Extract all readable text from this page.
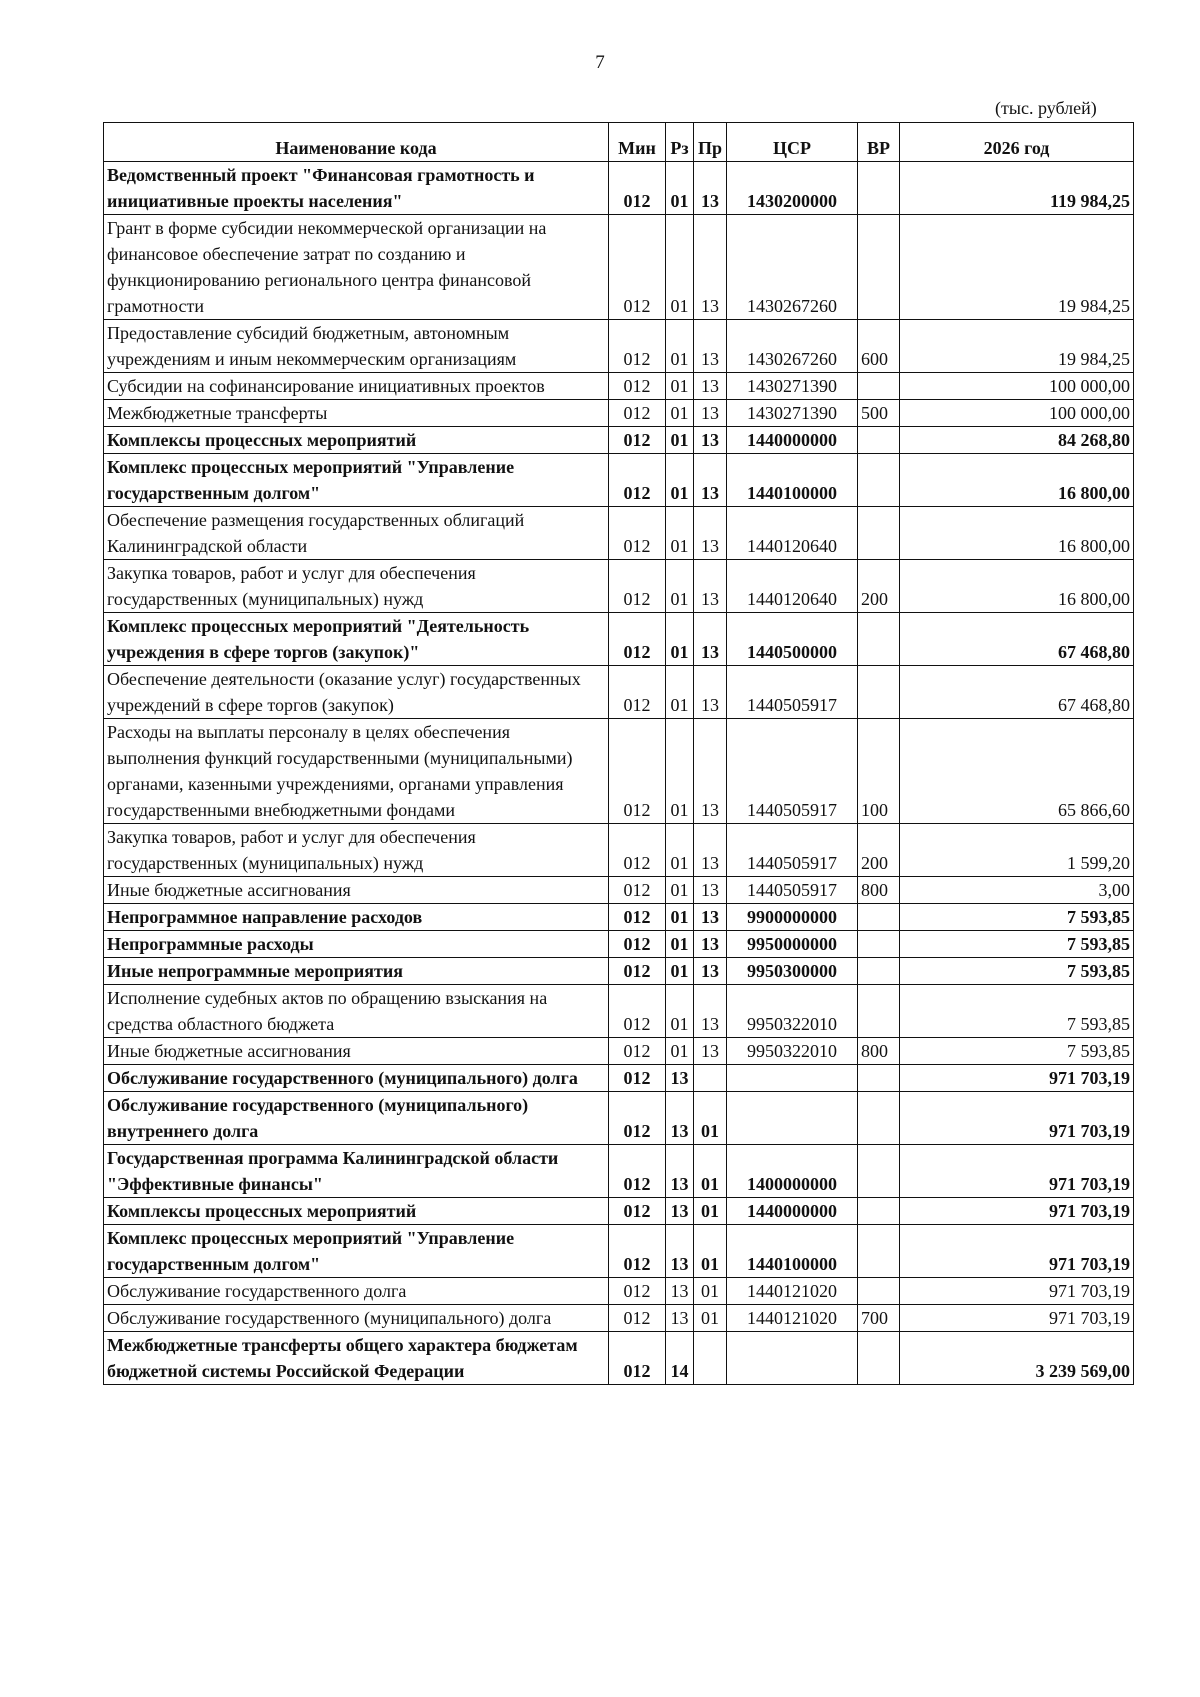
7
(тыс. рублей)
Наименование кода	Мин	Рз	Пр	ЦСР	ВР	2026 год
Ведомственный проект "Финансовая грамотность и инициативные проекты населения"	012	01	13	1430200000		119 984,25
Грант в форме субсидии некоммерческой организации на финансовое обеспечение затрат по созданию и функционированию регионального центра финансовой грамотности	012	01	13	1430267260		19 984,25
Предоставление субсидий бюджетным, автономным учреждениям и иным некоммерческим организациям	012	01	13	1430267260	600	19 984,25
Субсидии на софинансирование инициативных проектов	012	01	13	1430271390		100 000,00
Межбюджетные трансферты	012	01	13	1430271390	500	100 000,00
Комплексы процессных мероприятий	012	01	13	1440000000		84 268,80
Комплекс процессных мероприятий "Управление государственным долгом"	012	01	13	1440100000		16 800,00
Обеспечение размещения государственных облигаций Калининградской области	012	01	13	1440120640		16 800,00
Закупка товаров, работ и услуг для обеспечения государственных (муниципальных) нужд	012	01	13	1440120640	200	16 800,00
Комплекс процессных мероприятий "Деятельность учреждения в сфере торгов (закупок)"	012	01	13	1440500000		67 468,80
Обеспечение деятельности (оказание услуг) государственных учреждений в сфере торгов (закупок)	012	01	13	1440505917		67 468,80
Расходы на выплаты персоналу в целях обеспечения выполнения функций государственными (муниципальными) органами, казенными учреждениями, органами управления государственными внебюджетными фондами	012	01	13	1440505917	100	65 866,60
Закупка товаров, работ и услуг для обеспечения государственных (муниципальных) нужд	012	01	13	1440505917	200	1 599,20
Иные бюджетные ассигнования	012	01	13	1440505917	800	3,00
Непрограммное направление расходов	012	01	13	9900000000		7 593,85
Непрограммные расходы	012	01	13	9950000000		7 593,85
Иные непрограммные мероприятия	012	01	13	9950300000		7 593,85
Исполнение судебных актов по обращению взыскания на средства областного бюджета	012	01	13	9950322010		7 593,85
Иные бюджетные ассигнования	012	01	13	9950322010	800	7 593,85
Обслуживание государственного (муниципального) долга	012	13				971 703,19
Обслуживание государственного (муниципального) внутреннего долга	012	13	01			971 703,19
Государственная программа Калининградской области "Эффективные финансы"	012	13	01	1400000000		971 703,19
Комплексы процессных мероприятий	012	13	01	1440000000		971 703,19
Комплекс процессных мероприятий "Управление государственным долгом"	012	13	01	1440100000		971 703,19
Обслуживание государственного долга	012	13	01	1440121020		971 703,19
Обслуживание государственного (муниципального) долга	012	13	01	1440121020	700	971 703,19
Межбюджетные трансферты общего характера бюджетам бюджетной системы Российской Федерации	012	14				3 239 569,00
